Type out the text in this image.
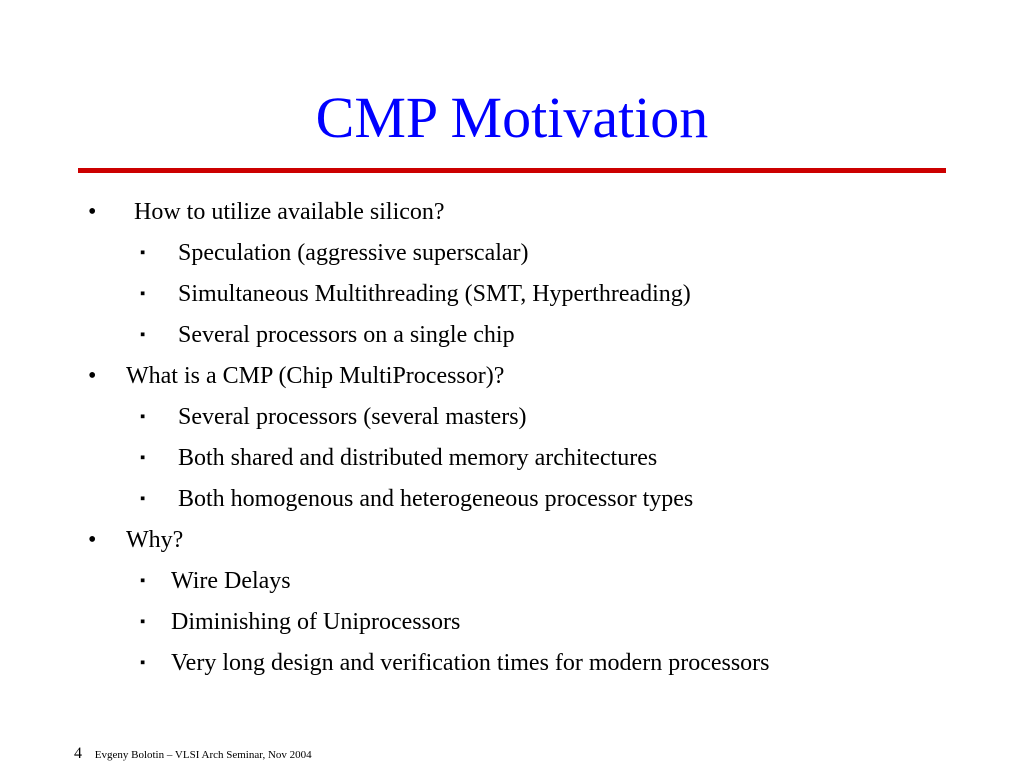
CMP Motivation
• How to utilize available silicon?
▪ Speculation (aggressive superscalar)
▪ Simultaneous Multithreading (SMT, Hyperthreading)
▪ Several processors on a single chip
• What is a CMP (Chip MultiProcessor)?
▪ Several processors (several masters)
▪ Both shared and distributed memory architectures
▪ Both homogenous and heterogeneous processor types
• Why?
▪ Wire Delays
▪ Diminishing of Uniprocessors
▪ Very long design and verification times for modern processors
4 Evgeny Bolotin – VLSI Arch Seminar, Nov 2004
